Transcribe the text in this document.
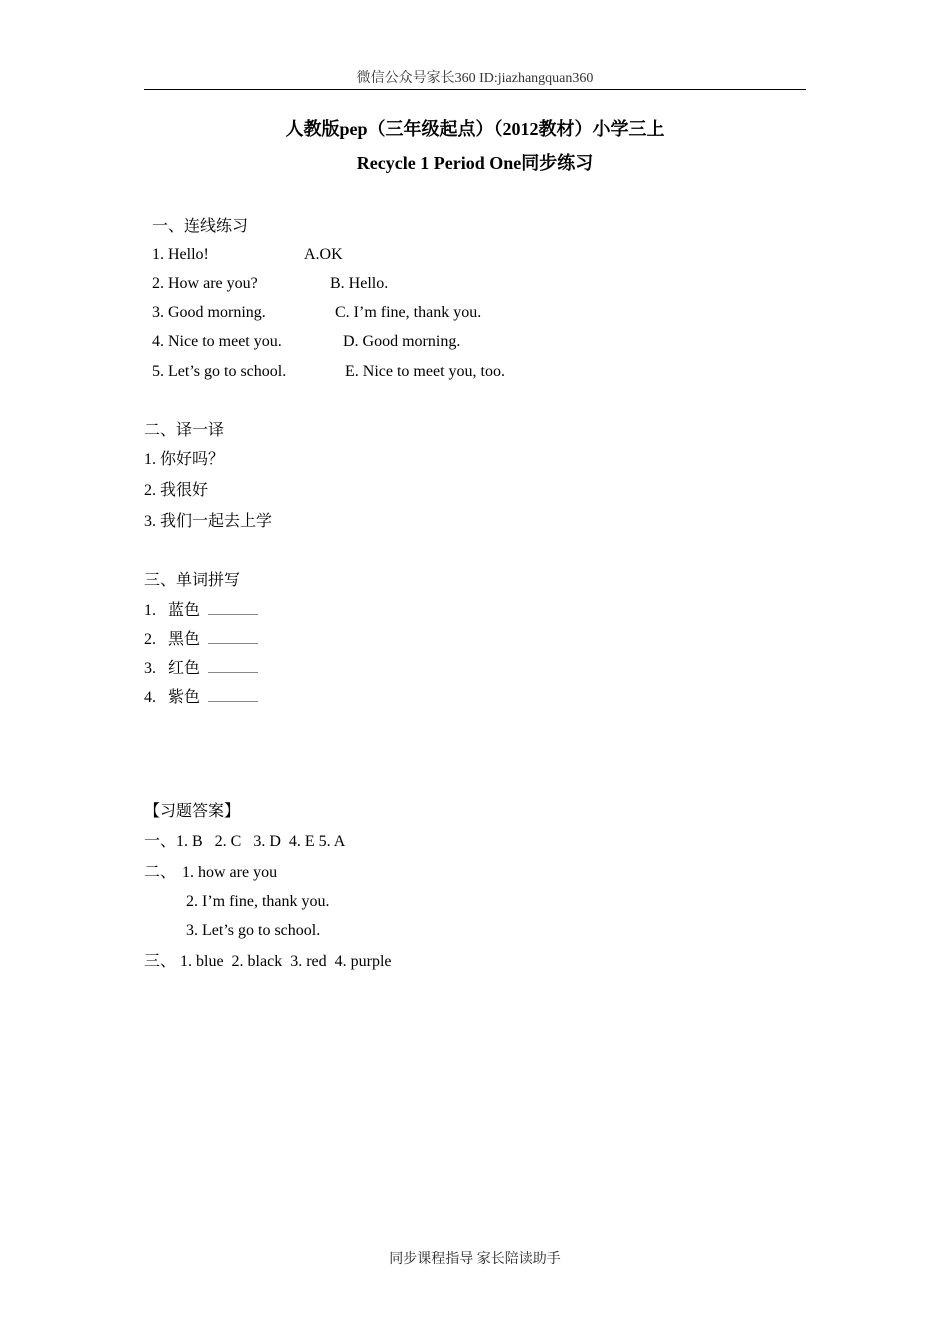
微信公众号家长360 ID:jiazhangquan360
人教版pep（三年级起点）（2012教材）小学三上
Recycle 1 Period One同步练习
一、连线练习
1. Hello!
2. How are you?
3. Good morning.
4. Nice to meet you.
5. Let’s go to school.
A.OK
B. Hello.
C. I’m fine, thank you.
D. Good morning.
E. Nice to meet you, too.
二、译一译
1. 你好吗？
2. 我很好
3. 我们一起去上学
三、单词拼写
1. 蓝色
2. 黑色
3. 红色
4. 紫色
【习题答案】
一、1. B   2. C   3. D  4. E 5. A
二、 1. how are you
2. I’m fine, thank you.
3. Let’s go to school.
三、 1. blue  2. black  3. red  4. purple
同步课程指导 家长陪读助手
